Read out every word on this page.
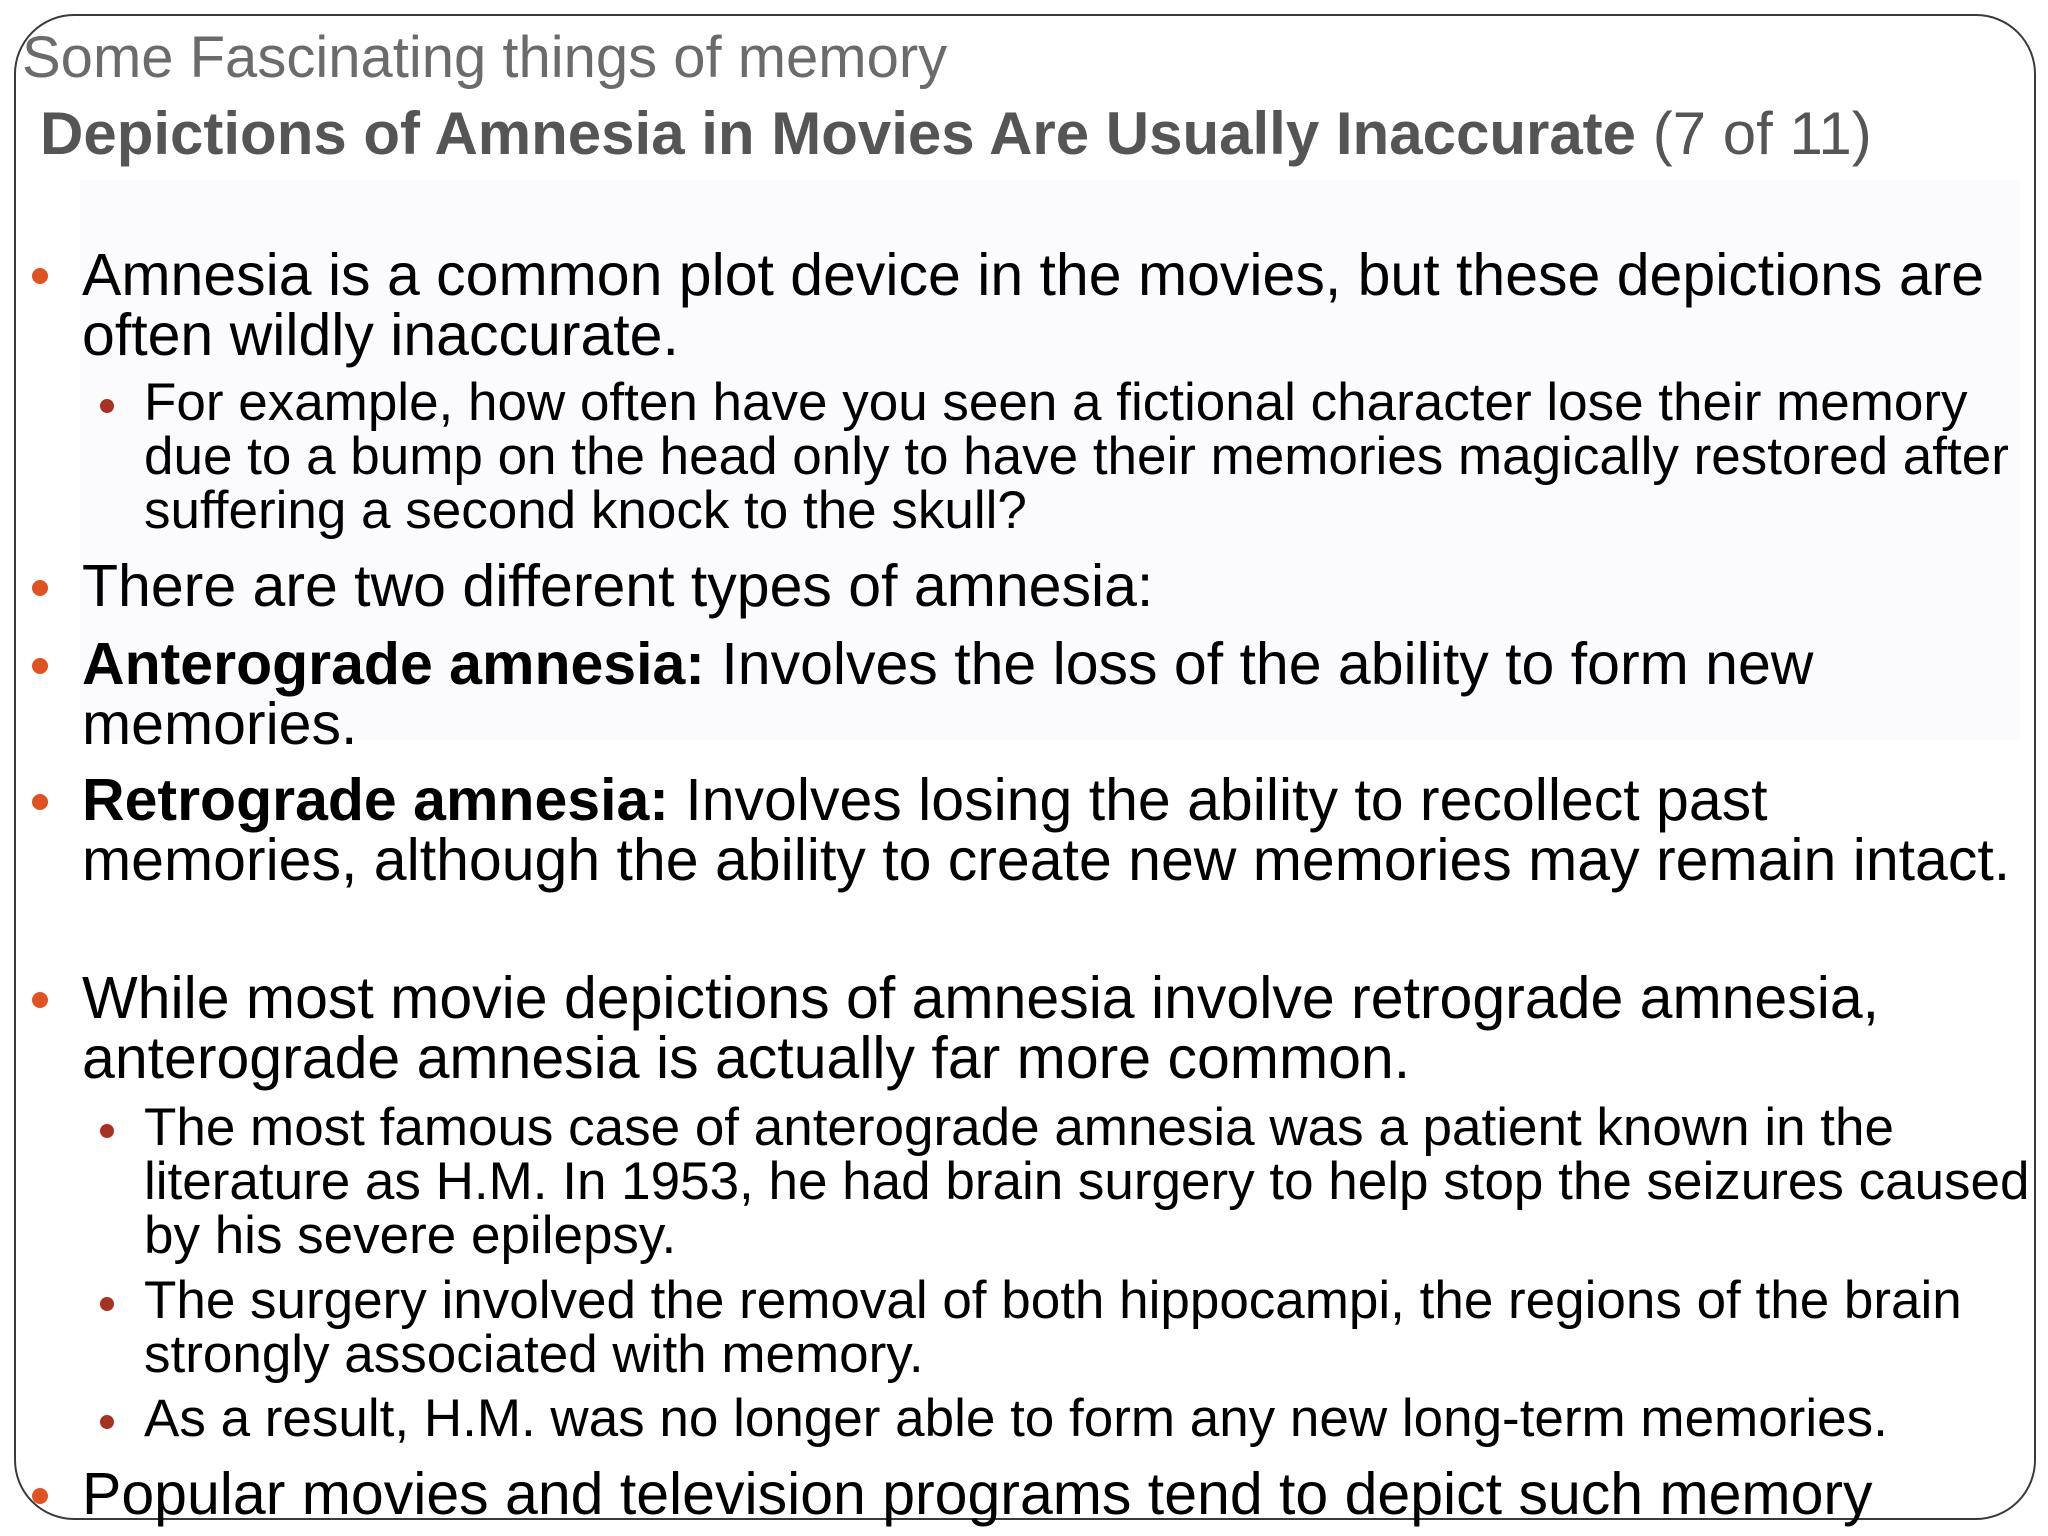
Some Fascinating things of memory
Depictions of Amnesia in Movies Are Usually Inaccurate (7 of 11)
Amnesia is a common plot device in the movies, but these depictions are often wildly inaccurate.
For example, how often have you seen a fictional character lose their memory due to a bump on the head only to have their memories magically restored after suffering a second knock to the skull?
There are two different types of amnesia:
Anterograde amnesia: Involves the loss of the ability to form new memories.
Retrograde amnesia: Involves losing the ability to recollect past memories, although the ability to create new memories may remain intact.
While most movie depictions of amnesia involve retrograde amnesia, anterograde amnesia is actually far more common.
The most famous case of anterograde amnesia was a patient known in the literature as H.M. In 1953, he had brain surgery to help stop the seizures caused by his severe epilepsy.
The surgery involved the removal of both hippocampi, the regions of the brain strongly associated with memory.
As a result, H.M. was no longer able to form any new long-term memories.
Popular movies and television programs tend to depict such memory
